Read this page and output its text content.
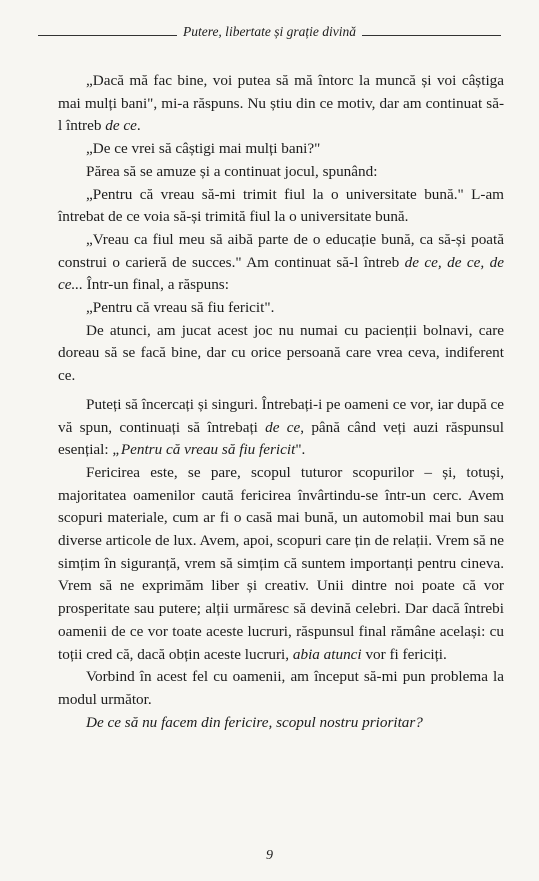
Putere, libertate și grație divină

„Dacă mă fac bine, voi putea să mă întorc la muncă și voi câștiga mai mulți bani", mi-a răspuns. Nu știu din ce motiv, dar am continuat să-l întreb de ce.

„De ce vrei să câștigi mai mulți bani?"

Părea să se amuze și a continuat jocul, spunând:

„Pentru că vreau să-mi trimit fiul la o universitate bună." L-am întrebat de ce voia să-și trimită fiul la o universitate bună.

„Vreau ca fiul meu să aibă parte de o educație bună, ca să-și poată construi o carieră de succes." Am continuat să-l întreb de ce, de ce, de ce... Într-un final, a răspuns:

„Pentru că vreau să fiu fericit".

De atunci, am jucat acest joc nu numai cu pacienții bolnavi, care doreau să se facă bine, dar cu orice persoană care vrea ceva, indiferent ce.

Puteți să încercați și singuri. Întrebați-i pe oameni ce vor, iar după ce vă spun, continuați să întrebați de ce, până când veți auzi răspunsul esențial: „Pentru că vreau să fiu fericit".

Fericirea este, se pare, scopul tuturor scopurilor – și, totuși, majoritatea oamenilor caută fericirea învârtindu-se într-un cerc. Avem scopuri materiale, cum ar fi o casă mai bună, un automobil mai bun sau diverse articole de lux. Avem, apoi, scopuri care țin de relații. Vrem să ne simțim în siguranță, vrem să simțim că suntem importanți pentru cineva. Vrem să ne exprimăm liber și creativ. Unii dintre noi poate că vor prosperitate sau putere; alții urmăresc să devină celebri. Dar dacă întrebi oamenii de ce vor toate aceste lucruri, răspunsul final rămâne același: cu toții cred că, dacă obțin aceste lucruri, abia atunci vor fi fericiți.

Vorbind în acest fel cu oamenii, am început să-mi pun problema la modul următor.

De ce să nu facem din fericire, scopul nostru prioritar?

9
